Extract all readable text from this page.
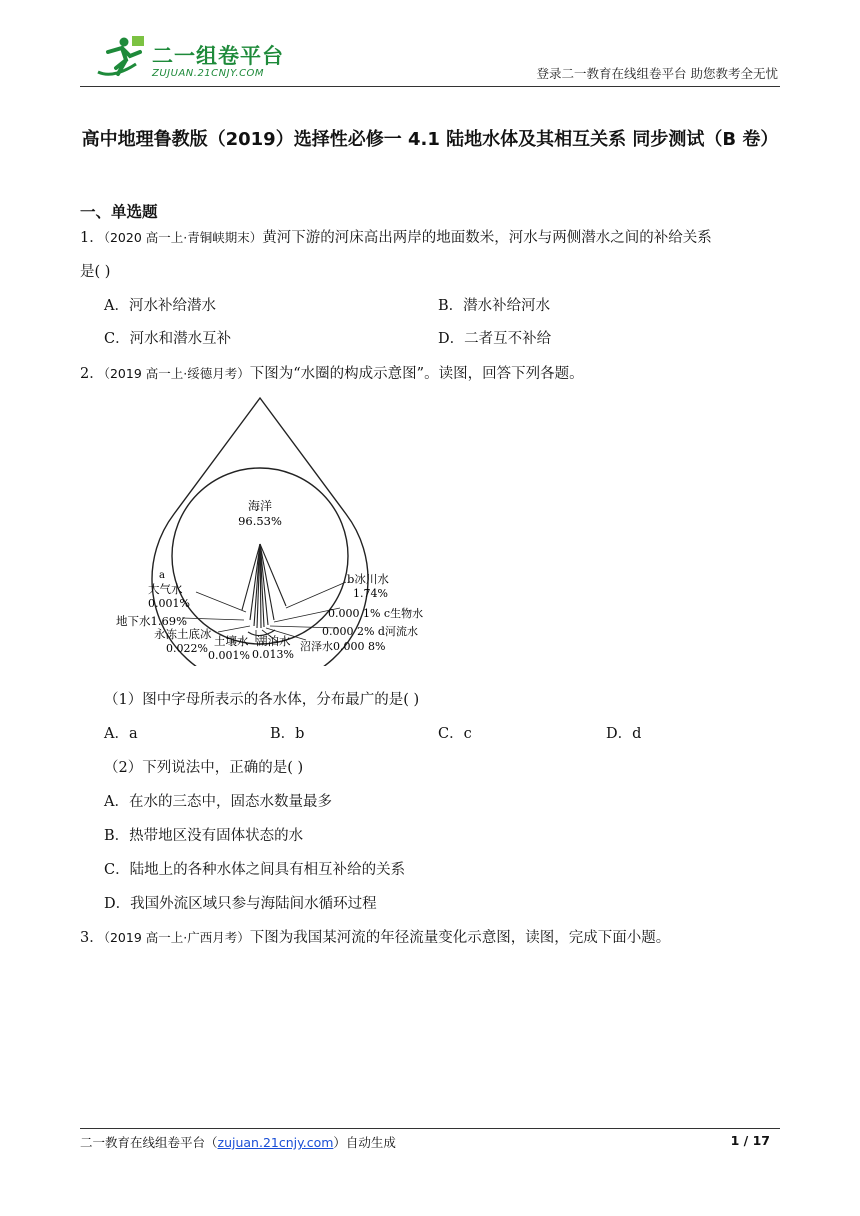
二一组卷平台
ZUJUAN.21CNJY.COM	登录二一教育在线组卷平台 助您教考全无忧
高中地理鲁教版（2019）选择性必修一 4.1 陆地水体及其相互关系 同步测试（B 卷）
一、单选题
1．（2020 高一上·青铜峡期末）黄河下游的河床高出两岸的地面数米，河水与两侧潜水之间的补给关系
是( )
A．河水补给潜水	B．潜水补给河水
C．河水和潜水互补	D．二者互不补给
2．（2019 高一上·绥德月考）下图为“水圈的构成示意图”。读图，回答下列各题。
海洋
96.53%
a
大气水
0.001%
b冰川水
1.74%
地下水1.69%
永冻土底冰
0.022%
土壤水
0.001%
湖泊水
0.013%
0.000 1% c生物水
0.000 2% d河流水
沼泽水0.000 8%
（1）图中字母所表示的各水体，分布最广的是( )
A．a	B．b	C．c	D．d
（2）下列说法中，正确的是( )
A．在水的三态中，固态水数量最多
B．热带地区没有固体状态的水
C．陆地上的各种水体之间具有相互补给的关系
D．我国外流区域只参与海陆间水循环过程
3．（2019 高一上·广西月考）下图为我国某河流的年径流量变化示意图，读图，完成下面小题。
二一教育在线组卷平台（zujuan.21cnjy.com）自动生成	1 / 17
